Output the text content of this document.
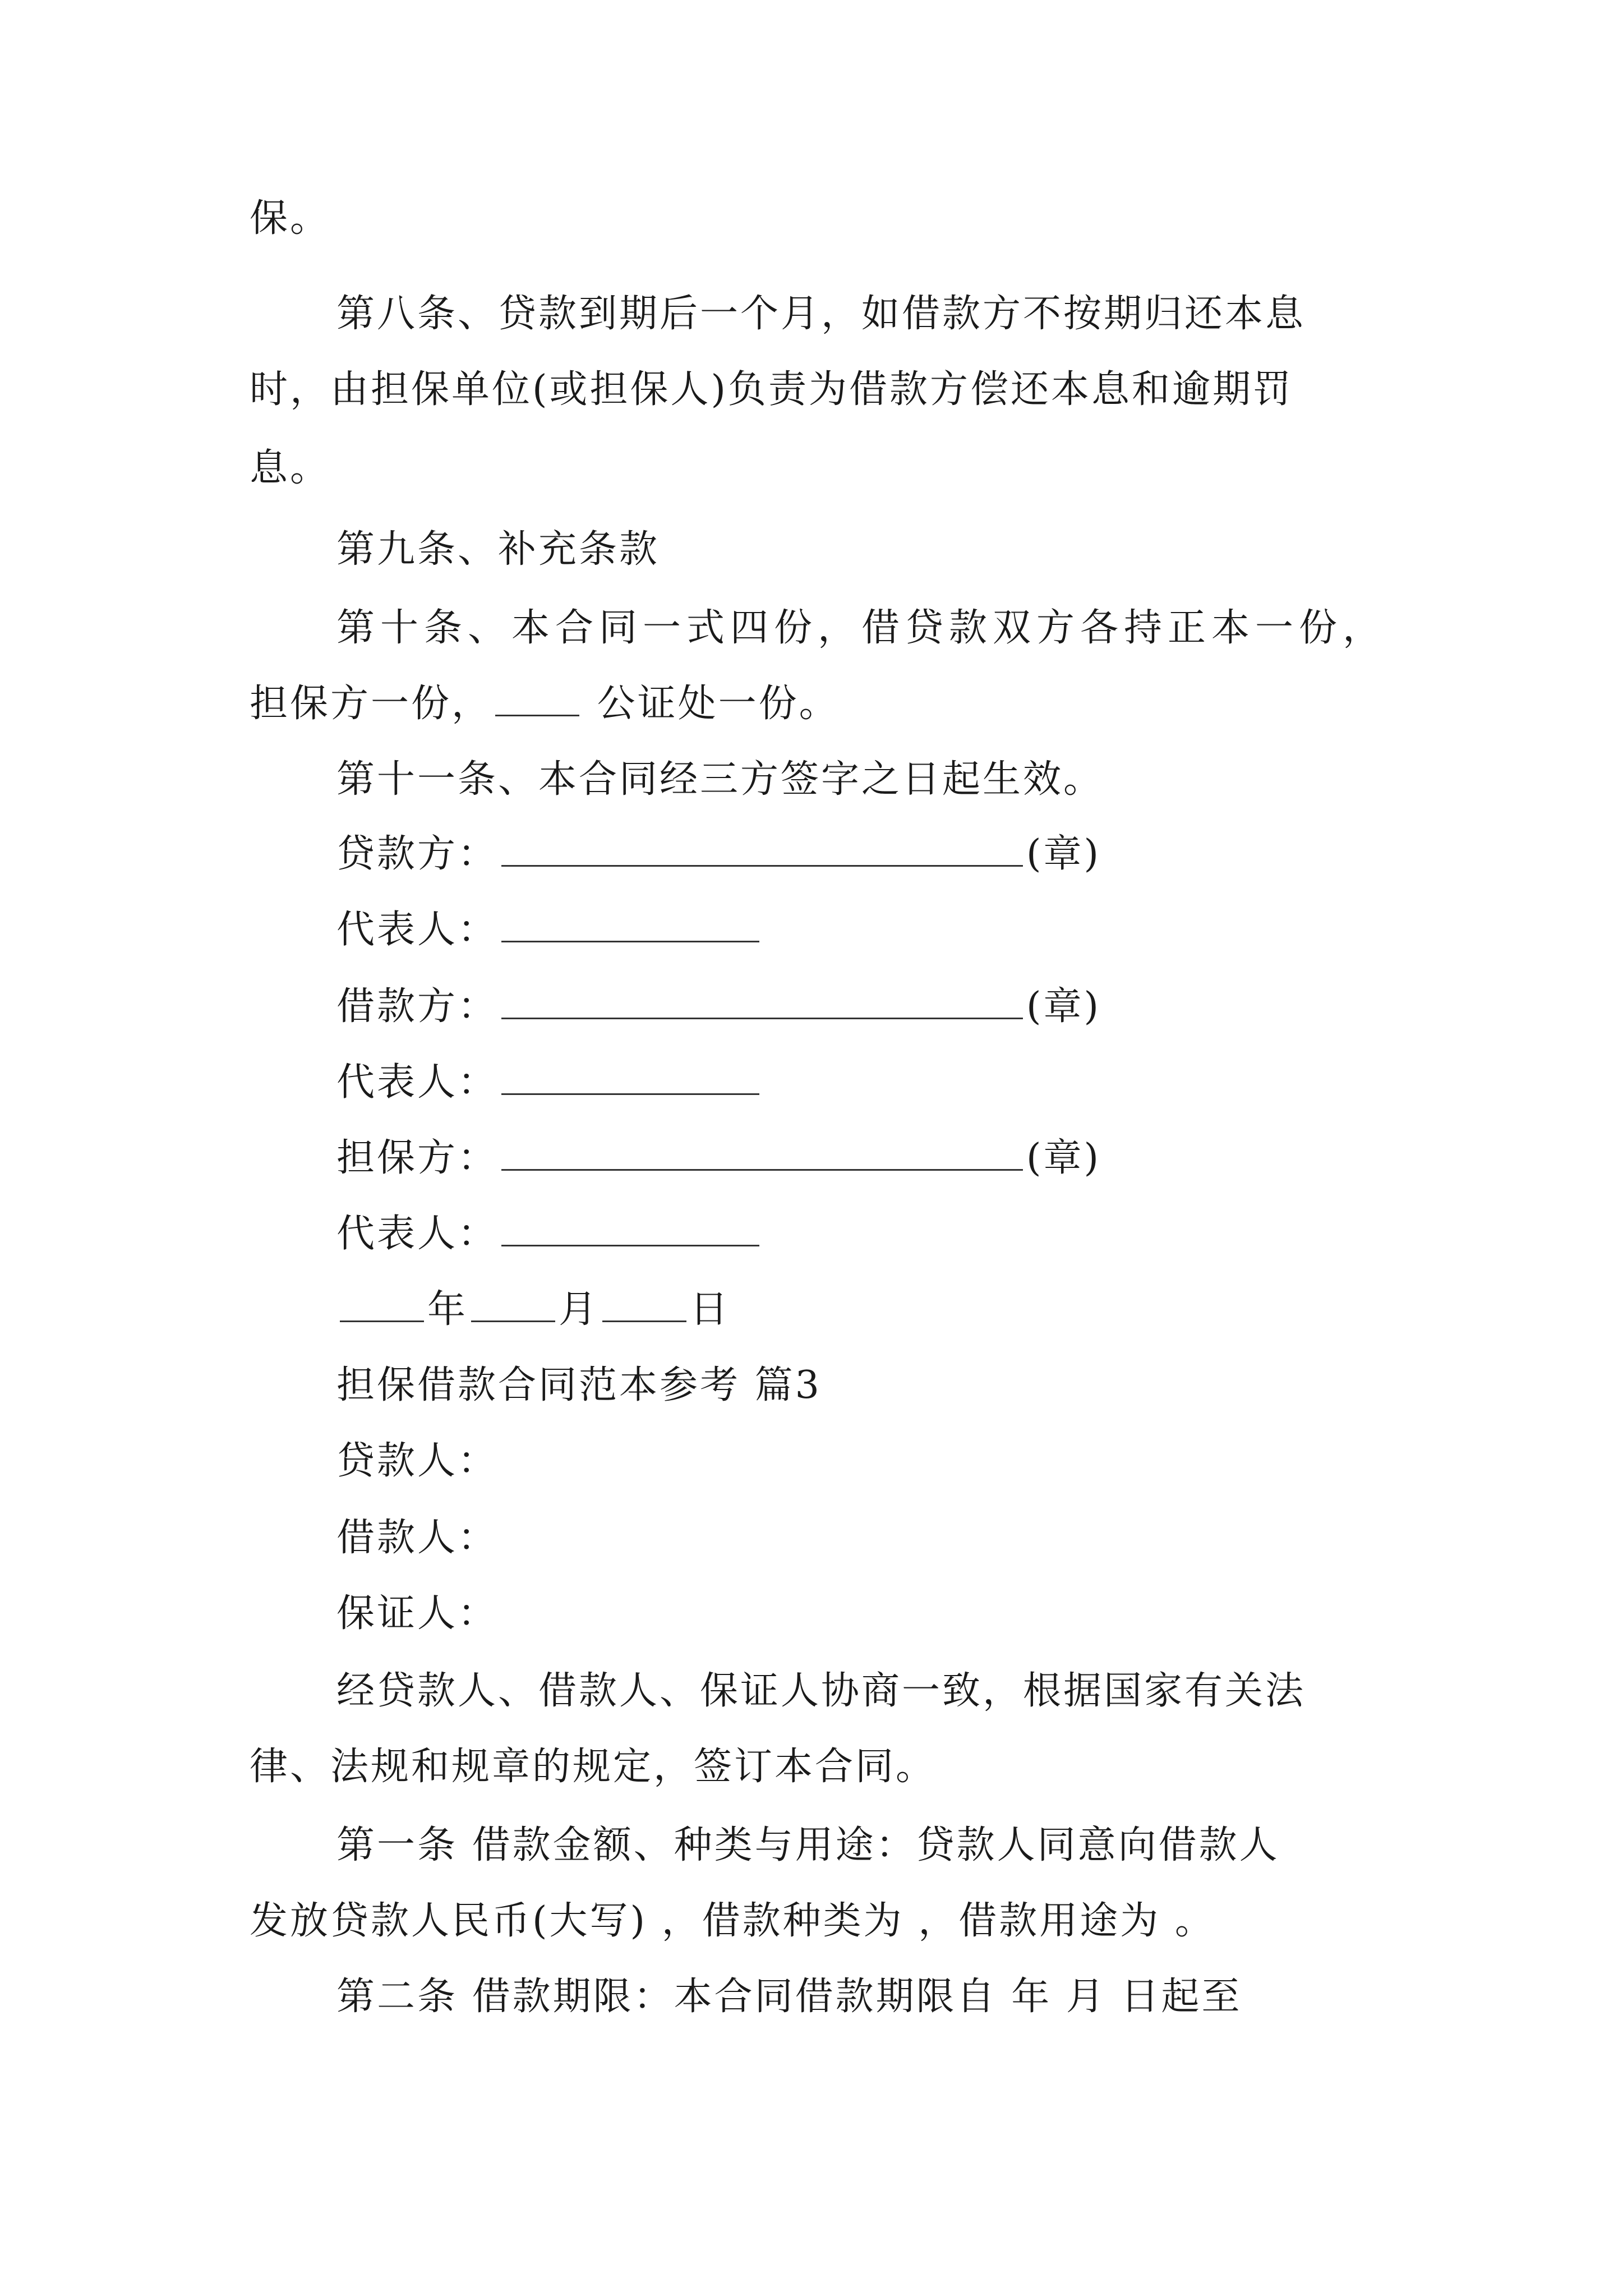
保。
第八条、贷款到期后一个月，如借款方不按期归还本息
时，由担保单位(或担保人)负责为借款方偿还本息和逾期罚
息。
第九条、补充条款
第十条、本合同一式四份，借贷款双方各持正本一份，
担保方一份， 公证处一份。
第十一条、本合同经三方签字之日起生效。
贷款方：	(章)
代表人：
借款方：	(章)
代表人：
担保方：	(章)
代表人：
年 月 日
担保借款合同范本参考 篇3
贷款人：
借款人：
保证人：
经贷款人、借款人、保证人协商一致，根据国家有关法
律、法规和规章的规定，签订本合同。
第一条 借款金额、种类与用途：贷款人同意向借款人
发放贷款人民币(大写) ，借款种类为 ，借款用途为 。
第二条 借款期限：本合同借款期限自 年 月 日起至
